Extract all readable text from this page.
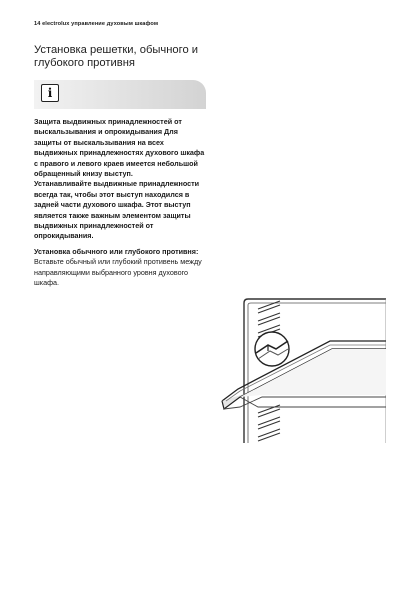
14 electrolux управление духовым шкафом
Установка решетки, обычного и глубокого противня
i

Защита выдвижных принадлежностей от выскальзывания и опрокидывания Для защиты от выскальзывания на всех выдвижных принадлежностях духового шкафа с правого и левого краев имеется небольшой обращенный книзу выступ.

Устанавливайте выдвижные принадлежности всегда так, чтобы этот выступ находился в задней части духового шкафа. Этот выступ является также важным элементом защиты выдвижных принадлежностей от опрокидывания.

Установка обычного или глубокого противня:

Вставьте обычный или глубокий противень между направляющими выбранного уровня духового шкафа.
